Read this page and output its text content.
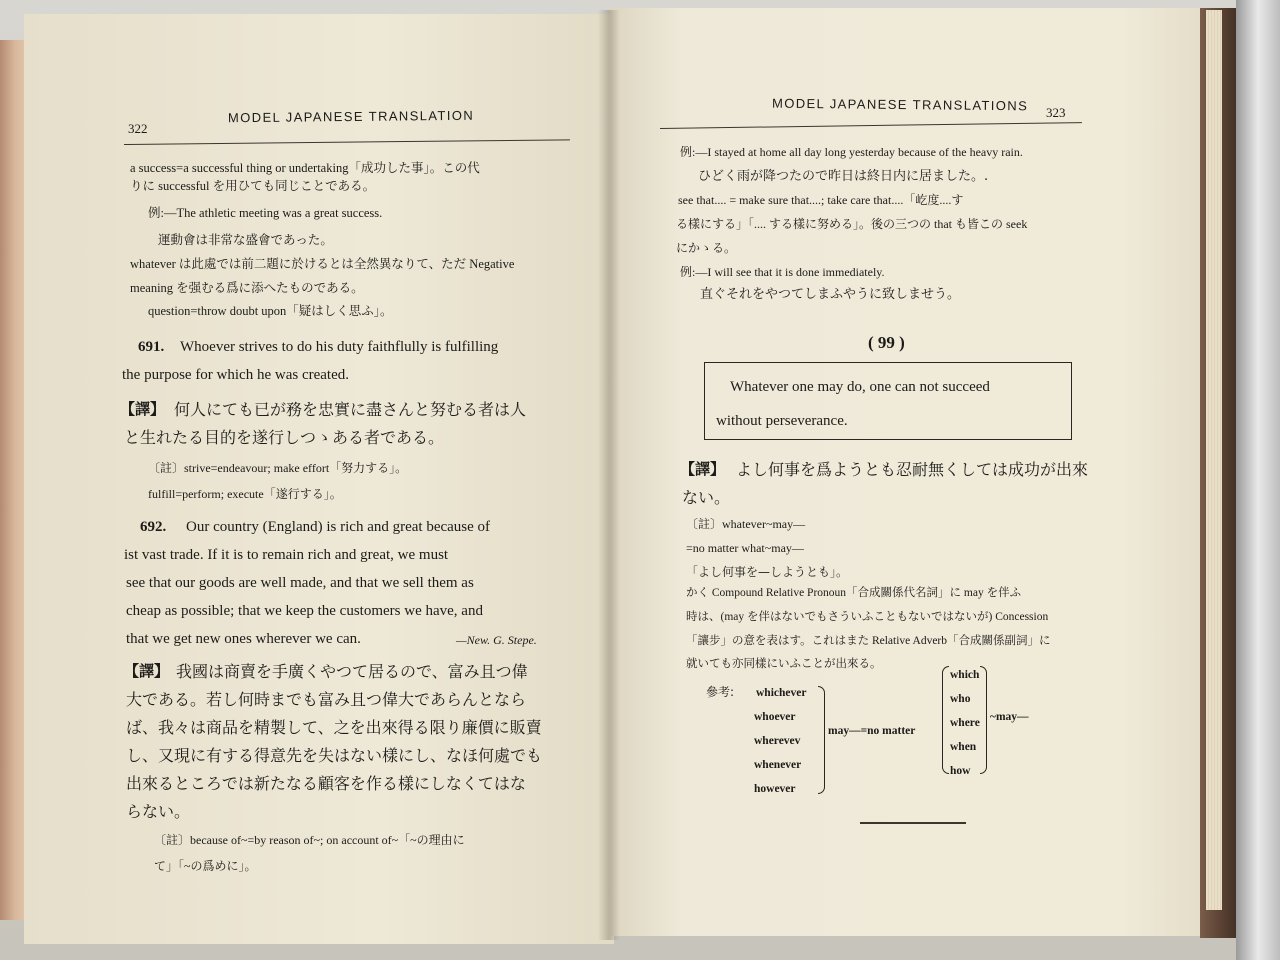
322
MODEL JAPANESE TRANSLATION
a success=a successful thing or undertaking「成功した事」。この代
りに successful を用ひても同じことである。
例:—The athletic meeting was a great success.
運動會は非常な盛會であった。
whatever は此處では前二題に於けるとは全然異なりて、ただ Negative
meaning を强むる爲に添へたものである。
question=throw doubt upon「疑はしく思ふ」。
691. Whoever strives to do his duty faithflully is fulfilling
the purpose for which he was created.
【譯】 何人にても已が務を忠實に盡さんと努むる者は人
と生れたる目的を遂行しつゝある者である。
〔註〕strive=endeavour; make effort「努力する」。
fulfill=perform; execute「遂行する」。
692. Our country (England) is rich and great because of
ist vast trade. If it is to remain rich and great, we must
see that our goods are well made, and that we sell them as
cheap as possible; that we keep the customers we have, and
that we get new ones wherever we can.	—New. G. Stepe.
【譯】 我國は商賣を手廣くやつて居るので、富み且つ偉
大である。若し何時までも富み且つ偉大であらんとなら
ば、我々は商品を精製して、之を出來得る限り廉價に販賣
し、又現に有する得意先を失はない樣にし、なほ何處でも
出來るところでは新たなる顧客を作る樣にしなくてはな
らない。
〔註〕because of~=by reason of~; on account of~「~の理由に
て」「~の爲めに」。
MODEL JAPANESE TRANSLATIONS 323
例:—I stayed at home all day long yesterday because of the heavy rain.
ひどく雨が降つたので昨日は終日内に居ました。.
see that.... = make sure that....; take care that....「屹度....す
る樣にする」「.... する樣に努める」。後の三つの that も皆この seek
にかゝる。
例:—I will see that it is done immediately.
直ぐそれをやつてしまふやうに致しませう。
( 99 )
Whatever one may do, one can not succeed
without perseverance.
【譯】 よし何事を爲ようとも忍耐無くしては成功が出來
ない。
〔註〕whatever~may—
=no matter what~may—
「よし何事を—しようとも」。
かく Compound Relative Pronoun「合成關係代名詞」に may を伴ふ
時は、(may を伴はないでもさういふこともないではないが) Concession
「讓步」の意を表はす。これはまた Relative Adverb「合成關係副詞」に
就いても亦同樣にいふことが出來る。
參考: whichever
whoever
wherevev
whenever
however
may—=no matter
which
who
where
when
how
~may—
